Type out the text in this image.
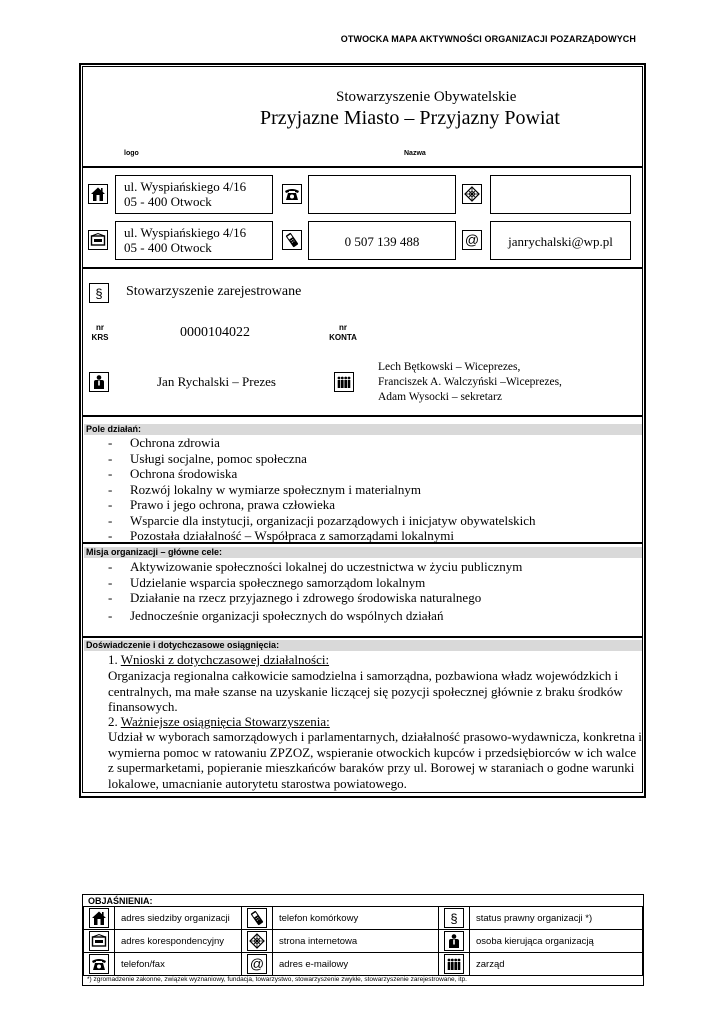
OTWOCKA MAPA AKTYWNOŚCI ORGANIZACJI POZARZĄDOWYCH
Stowarzyszenie Obywatelskie
Przyjazne Miasto – Przyjazny Powiat
logo	Nazwa
ul. Wyspiańskiego 4/16
05 - 400 Otwock
ul. Wyspiańskiego 4/16
05 - 400 Otwock	0 507 139 488	janrychalski@wp.pl
Stowarzyszenie zarejestrowane
nr
KRS	0000104022	nr
KONTA
Jan Rychalski – Prezes
Lech Bętkowski – Wiceprezes,
Franciszek A. Walczyński –Wiceprezes,
Adam Wysocki – sekretarz
Pole działań:
- Ochrona zdrowia
- Usługi socjalne, pomoc społeczna
- Ochrona środowiska
- Rozwój lokalny w wymiarze społecznym i materialnym
- Prawo i jego ochrona, prawa człowieka
- Wsparcie dla instytucji, organizacji pozarządowych i inicjatyw obywatelskich
- Pozostała działalność – Współpraca z samorządami lokalnymi
Misja organizacji – główne cele:
- Aktywizowanie społeczności lokalnej do uczestnictwa w życiu publicznym
- Udzielanie wsparcia społecznego samorządom lokalnym
- Działanie na rzecz przyjaznego i zdrowego środowiska naturalnego
- Jednocześnie organizacji społecznych do wspólnych działań
Doświadczenie i dotychczasowe osiągnięcia:
1. Wnioski z dotychczasowej działalności:
Organizacja regionalna całkowicie samodzielna i samorządna, pozbawiona władz wojewódzkich i centralnych, ma małe szanse na uzyskanie liczącej się pozycji społecznej głównie z braku środków finansowych.
2. Ważniejsze osiągnięcia Stowarzyszenia:
Udział w wyborach samorządowych i parlamentarnych, działalność prasowo-wydawnicza, konkretna i wymierna pomoc w ratowaniu ZPZOZ, wspieranie otwockich kupców i przedsiębiorców w ich walce z supermarketami, popieranie mieszkańców baraków przy ul. Borowej w staraniach o godne warunki lokalowe, umacnianie autorytetu starostwa powiatowego.
OBJAŚNIENIA:
	adres siedziby organizacji		telefon komórkowy		status prawny organizacji *)

	adres korespondencyjny		strona internetowa		osoba kierująca organizacją

	telefon/fax		adres e-mailowy		zarząd
*) zgromadzenie zakonne, związek wyznaniowy, fundacja, towarzystwo, stowarzyszenie zwykłe, stowarzyszenie zarejestrowane, itp.
